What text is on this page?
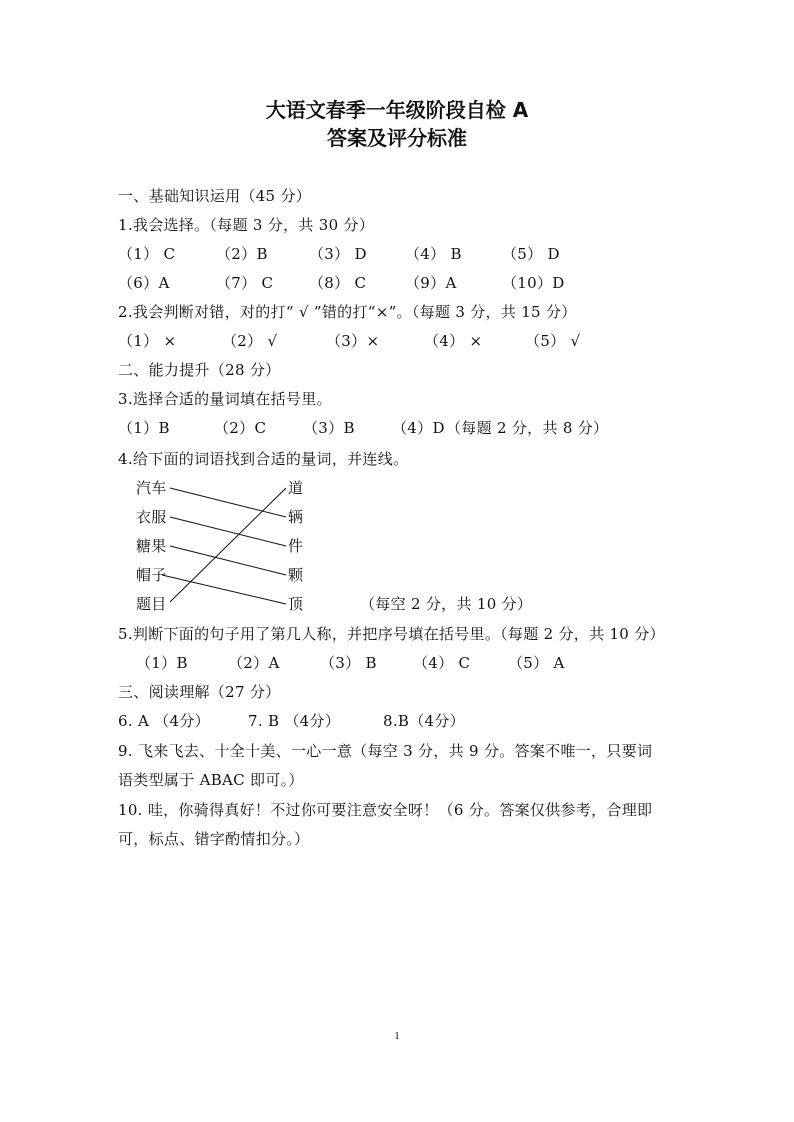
大语文春季一年级阶段自检 A
答案及评分标准
一、基础知识运用（45 分）
1.我会选择。（每题 3 分，共 30 分）
（1） C	（2）B	（3） D	（4） B	（5） D
（6）A	（7） C （8） C	（9）A	（10）D
2.我会判断对错，对的打“ √ ”错的打“×”。（每题 3 分，共 15 分）
（1） ×	（2） √	（3）×	（4） ×	（5） √
二、能力提升（28 分）
3.选择合适的量词填在括号里。
（1）B	（2）C （3）B （4）D （每题 2 分，共 8 分）
4.给下面的词语找到合适的量词，并连线。
汽车
衣服
糖果
帽子
题目
道
辆
件
颗
顶	（每空 2 分，共 10 分）
5.判断下面的句子用了第几人称，并把序号填在括号里。（每题 2 分，共 10 分）
（1）B	（2）A	（3） B （4） C	（5） A
三、阅读理解（27 分）
6. A （4分）	7. B （4分）	8.B（4分）
9. 飞来飞去、十全十美、一心一意（每空 3 分，共 9 分。答案不唯一，只要词
语类型属于 ABAC 即可。）
10. 哇，你骑得真好！不过你可要注意安全呀！（6 分。答案仅供参考，合理即
可，标点、错字酌情扣分。）
1
